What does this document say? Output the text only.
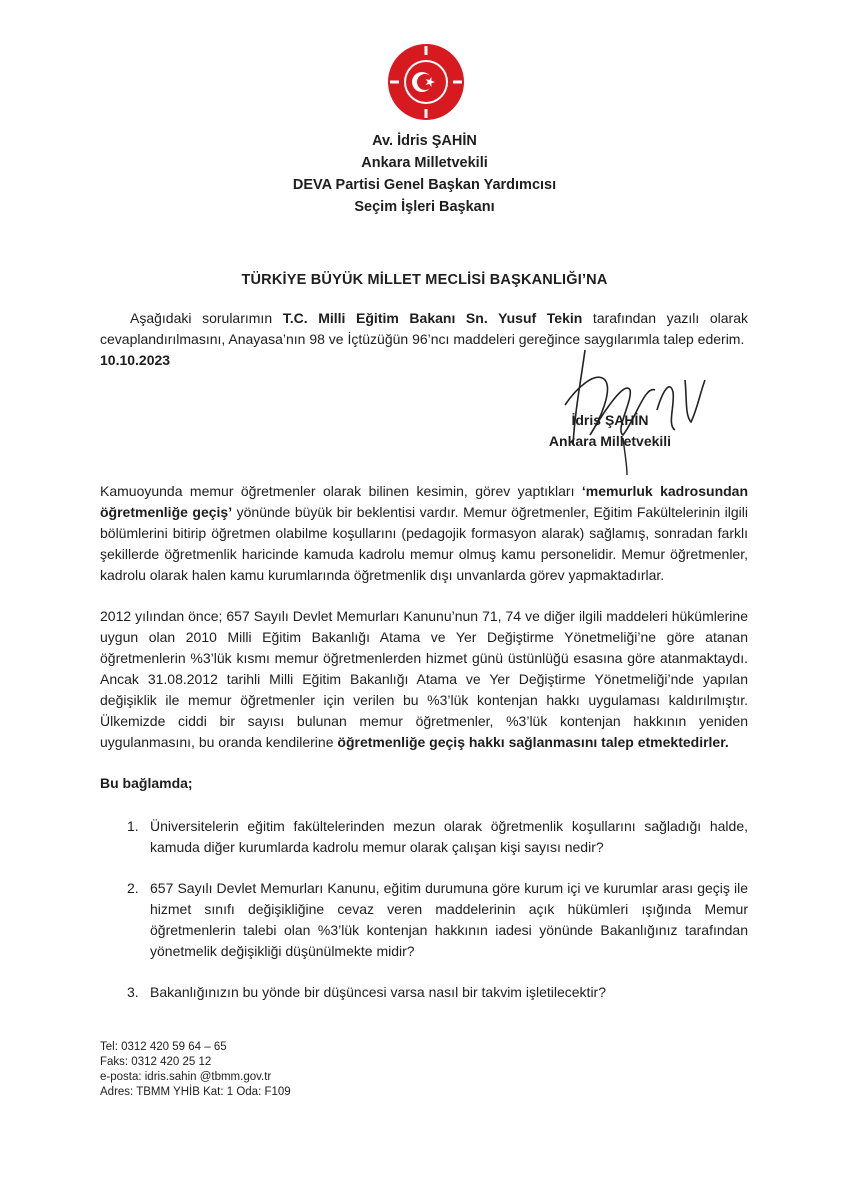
Av. İdris ŞAHİN
Ankara Milletvekili
DEVA Partisi Genel Başkan Yardımcısı
Seçim İşleri Başkanı
TÜRKİYE BÜYÜK MİLLET MECLİSİ BAŞKANLIĞI’NA

Aşağıdaki sorularımın T.C. Milli Eğitim Bakanı Sn. Yusuf Tekin tarafından yazılı olarak cevaplandırılmasını, Anayasa’nın 98 ve İçtüzüğün 96’ncı maddeleri gereğince saygılarımla talep ederim.

10.10.2023

İdris ŞAHİN
Ankara Milletvekili

Kamuoyunda memur öğretmenler olarak bilinen kesimin, görev yaptıkları ‘memurluk kadrosundan öğretmenliğe geçiş’ yönünde büyük bir beklentisi vardır. Memur öğretmenler, Eğitim Fakültelerinin ilgili bölümlerini bitirip öğretmen olabilme koşullarını (pedagojik formasyon alarak) sağlamış, sonradan farklı şekillerde öğretmenlik haricinde kamuda kadrolu memur olmuş kamu personelidir. Memur öğretmenler, kadrolu olarak halen kamu kurumlarında öğretmenlik dışı unvanlarda görev yapmaktadırlar.

2012 yılından önce; 657 Sayılı Devlet Memurları Kanunu’nun 71, 74 ve diğer ilgili maddeleri hükümlerine uygun olan 2010 Milli Eğitim Bakanlığı Atama ve Yer Değiştirme Yönetmeliği’ne göre atanan öğretmenlerin %3’lük kısmı memur öğretmenlerden hizmet günü üstünlüğü esasına göre atanmaktaydı. Ancak 31.08.2012 tarihli Milli Eğitim Bakanlığı Atama ve Yer Değiştirme Yönetmeliği’nde yapılan değişiklik ile memur öğretmenler için verilen bu %3’lük kontenjan hakkı uygulaması kaldırılmıştır. Ülkemizde ciddi bir sayısı bulunan memur öğretmenler, %3’lük kontenjan hakkının yeniden uygulanmasını, bu oranda kendilerine öğretmenliğe geçiş hakkı sağlanmasını talep etmektedirler.

Bu bağlamda;

1. Üniversitelerin eğitim fakültelerinden mezun olarak öğretmenlik koşullarını sağladığı halde, kamuda diğer kurumlarda kadrolu memur olarak çalışan kişi sayısı nedir?
2. 657 Sayılı Devlet Memurları Kanunu, eğitim durumuna göre kurum içi ve kurumlar arası geçiş ile hizmet sınıfı değişikliğine cevaz veren maddelerinin açık hükümleri ışığında Memur öğretmenlerin talebi olan %3’lük kontenjan hakkının iadesi yönünde Bakanlığınız tarafından yönetmelik değişikliği düşünülmekte midir?
3. Bakanlığınızın bu yönde bir düşüncesi varsa nasıl bir takvim işletilecektir?
Tel: 0312 420 59 64 – 65
Faks: 0312 420 25 12
e-posta: idris.sahin @tbmm.gov.tr
Adres: TBMM YHİB Kat: 1 Oda: F109
